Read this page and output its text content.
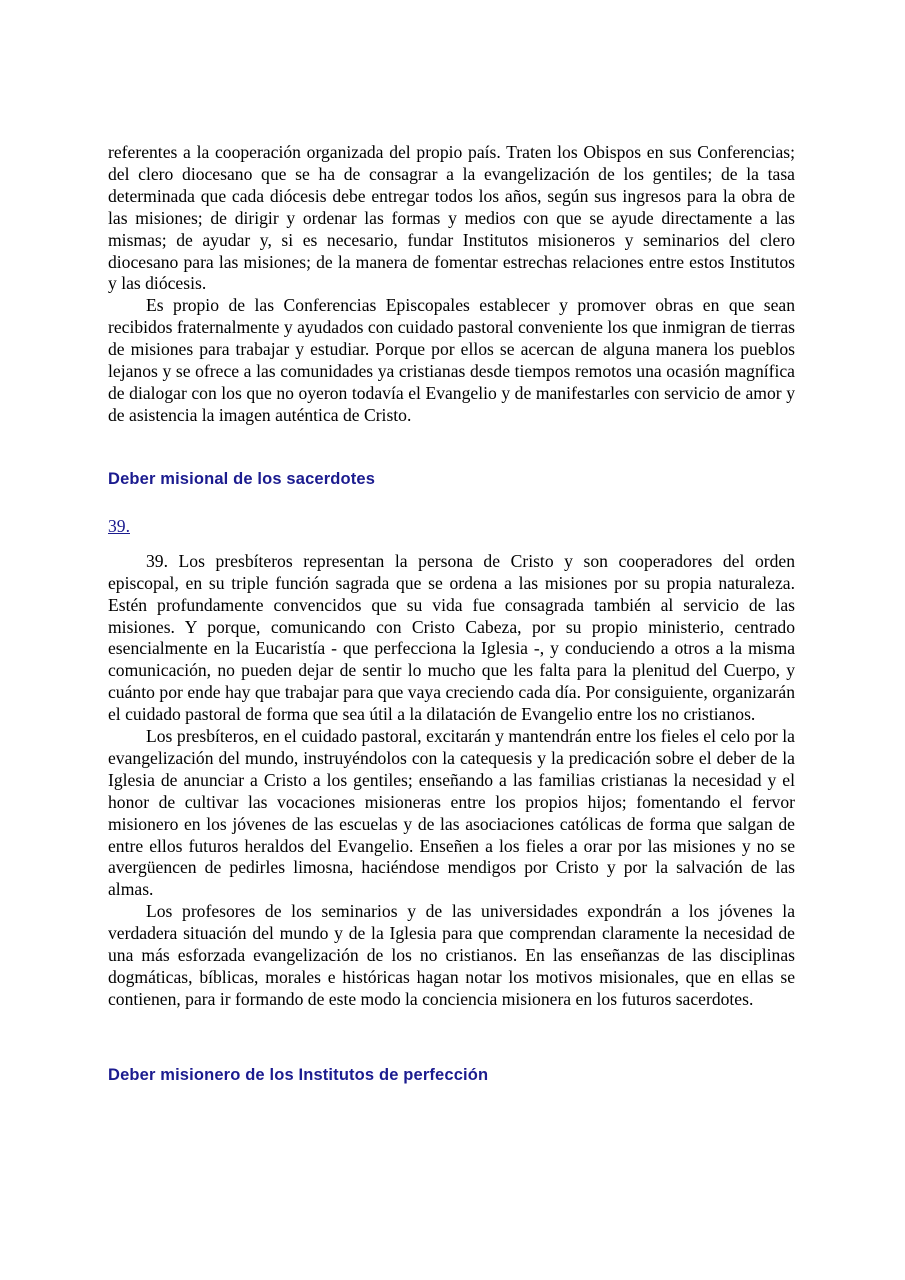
referentes a la cooperación organizada del propio país. Traten los Obispos en sus Conferencias; del clero diocesano que se ha de consagrar a la evangelización de los gentiles; de la tasa determinada que cada diócesis debe entregar todos los años, según sus ingresos para la obra de las misiones; de dirigir y ordenar las formas y medios con que se ayude directamente a las mismas; de ayudar y, si es necesario, fundar Institutos misioneros y seminarios del clero diocesano para las misiones; de la manera de fomentar estrechas relaciones entre estos Institutos y las diócesis.

Es propio de las Conferencias Episcopales establecer y promover obras en que sean recibidos fraternalmente y ayudados con cuidado pastoral conveniente los que inmigran de tierras de misiones para trabajar y estudiar. Porque por ellos se acercan de alguna manera los pueblos lejanos y se ofrece a las comunidades ya cristianas desde tiempos remotos una ocasión magnífica de dialogar con los que no oyeron todavía el Evangelio y de manifestarles con servicio de amor y de asistencia la imagen auténtica de Cristo.

Deber misional de los sacerdotes

39.

39. Los presbíteros representan la persona de Cristo y son cooperadores del orden episcopal, en su triple función sagrada que se ordena a las misiones por su propia naturaleza. Estén profundamente convencidos que su vida fue consagrada también al servicio de las misiones. Y porque, comunicando con Cristo Cabeza, por su propio ministerio, centrado esencialmente en la Eucaristía - que perfecciona la Iglesia -, y conduciendo a otros a la misma comunicación, no pueden dejar de sentir lo mucho que les falta para la plenitud del Cuerpo, y cuánto por ende hay que trabajar para que vaya creciendo cada día. Por consiguiente, organizarán el cuidado pastoral de forma que sea útil a la dilatación de Evangelio entre los no cristianos.

Los presbíteros, en el cuidado pastoral, excitarán y mantendrán entre los fieles el celo por la evangelización del mundo, instruyéndolos con la catequesis y la predicación sobre el deber de la Iglesia de anunciar a Cristo a los gentiles; enseñando a las familias cristianas la necesidad y el honor de cultivar las vocaciones misioneras entre los propios hijos; fomentando el fervor misionero en los jóvenes de las escuelas y de las asociaciones católicas de forma que salgan de entre ellos futuros heraldos del Evangelio. Enseñen a los fieles a orar por las misiones y no se avergüencen de pedirles limosna, haciéndose mendigos por Cristo y por la salvación de las almas.

Los profesores de los seminarios y de las universidades expondrán a los jóvenes la verdadera situación del mundo y de la Iglesia para que comprendan claramente la necesidad de una más esforzada evangelización de los no cristianos. En las enseñanzas de las disciplinas dogmáticas, bíblicas, morales e históricas hagan notar los motivos misionales, que en ellas se contienen, para ir formando de este modo la conciencia misionera en los futuros sacerdotes.

Deber misionero de los Institutos de perfección
